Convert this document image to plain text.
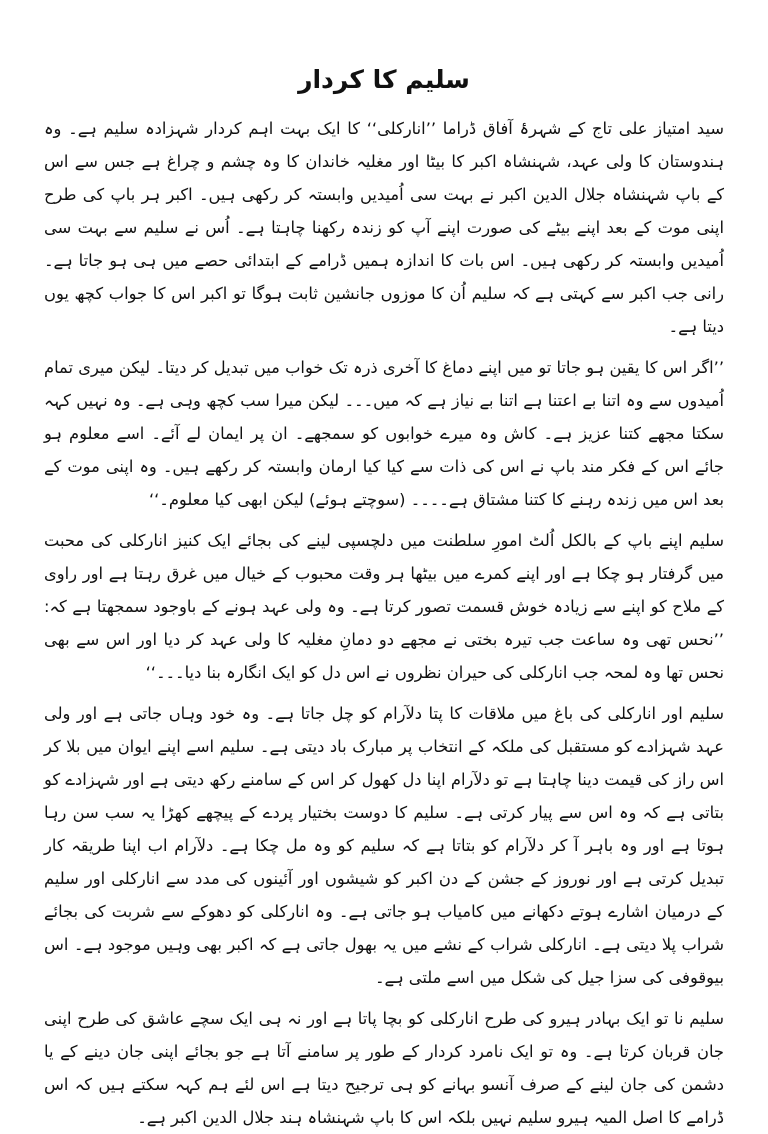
سلیم کا کردار

سید امتیاز علی تاج کے شہرۂ آفاق ڈراما ’’انارکلی‘‘ کا ایک بہت اہم کردار شہزادہ سلیم ہے۔ وہ ہندوستان کا ولی عہد، شہنشاہ اکبر کا بیٹا اور مغلیہ خاندان کا وہ چشم و چراغ ہے جس سے اس کے باپ شہنشاہ جلال الدین اکبر نے بہت سی اُمیدیں وابستہ کر رکھی ہیں۔ اکبر ہر باپ کی طرح اپنی موت کے بعد اپنے بیٹے کی صورت اپنے آپ کو زندہ رکھنا چاہتا ہے۔ اُس نے سلیم سے بہت سی اُمیدیں وابستہ کر رکھی ہیں۔ اس بات کا اندازہ ہمیں ڈرامے کے ابتدائی حصے میں ہی ہو جاتا ہے۔ رانی جب اکبر سے کہتی ہے کہ سلیم اُن کا موزوں جانشین ثابت ہوگا تو اکبر اس کا جواب کچھ یوں دیتا ہے۔

’’اگر اس کا یقین ہو جاتا تو میں اپنے دماغ کا آخری ذرہ تک خواب میں تبدیل کر دیتا۔ لیکن میری تمام اُمیدوں سے وہ اتنا بے اعتنا ہے اتنا بے نیاز ہے کہ میں۔۔۔ لیکن میرا سب کچھ وہی ہے۔ وہ نہیں کہہ سکتا مجھے کتنا عزیز ہے۔ کاش وہ میرے خوابوں کو سمجھے۔ ان پر ایمان لے آئے۔ اسے معلوم ہو جائے اس کے فکر مند باپ نے اس کی ذات سے کیا کیا ارمان وابستہ کر رکھے ہیں۔ وہ اپنی موت کے بعد اس میں زندہ رہنے کا کتنا مشتاق ہے۔۔۔۔ (سوچتے ہوئے) لیکن ابھی کیا معلوم۔‘‘

سلیم اپنے باپ کے بالکل اُلٹ امورِ سلطنت میں دلچسپی لینے کی بجائے ایک کنیز انارکلی کی محبت میں گرفتار ہو چکا ہے اور اپنے کمرے میں بیٹھا ہر وقت محبوب کے خیال میں غرق رہتا ہے اور راوی کے ملاح کو اپنے سے زیادہ خوش قسمت تصور کرتا ہے۔ وہ ولی عہد ہونے کے باوجود سمجھتا ہے کہ: ’’نحس تھی وہ ساعت جب تیرہ بختی نے مجھے دو دمانِ مغلیہ کا ولی عہد کر دیا اور اس سے بھی نحس تھا وہ لمحہ جب انارکلی کی حیران نظروں نے اس دل کو ایک انگارہ بنا دیا۔۔۔‘‘

سلیم اور انارکلی کی باغ میں ملاقات کا پتا دلآرام کو چل جاتا ہے۔ وہ خود وہاں جاتی ہے اور ولی عہد شہزادے کو مستقبل کی ملکہ کے انتخاب پر مبارک باد دیتی ہے۔ سلیم اسے اپنے ایوان میں بلا کر اس راز کی قیمت دینا چاہتا ہے تو دلآرام اپنا دل کھول کر اس کے سامنے رکھ دیتی ہے اور شہزادے کو بتاتی ہے کہ وہ اس سے پیار کرتی ہے۔ سلیم کا دوست بختیار پردے کے پیچھے کھڑا یہ سب سن رہا ہوتا ہے اور وہ باہر آ کر دلآرام کو بتاتا ہے کہ سلیم کو وہ مل چکا ہے۔ دلآرام اب اپنا طریقہ کار تبدیل کرتی ہے اور نوروز کے جشن کے دن اکبر کو شیشوں اور آئینوں کی مدد سے انارکلی اور سلیم کے درمیان اشارے ہوتے دکھانے میں کامیاب ہو جاتی ہے۔ وہ انارکلی کو دھوکے سے شربت کی بجائے شراب پلا دیتی ہے۔ انارکلی شراب کے نشے میں یہ بھول جاتی ہے کہ اکبر بھی وہیں موجود ہے۔ اس بیوقوفی کی سزا جیل کی شکل میں اسے ملتی ہے۔

سلیم نا تو ایک بہادر ہیرو کی طرح انارکلی کو بچا پاتا ہے اور نہ ہی ایک سچے عاشق کی طرح اپنی جان قربان کرتا ہے۔ وہ تو ایک نامرد کردار کے طور پر سامنے آتا ہے جو بجائے اپنی جان دینے کے یا دشمن کی جان لینے کے صرف آنسو بہانے کو ہی ترجیح دیتا ہے اس لئے ہم کہہ سکتے ہیں کہ اس ڈرامے کا اصل المیہ ہیرو سلیم نہیں بلکہ اس کا باپ شہنشاہ ہند جلال الدین اکبر ہے۔
